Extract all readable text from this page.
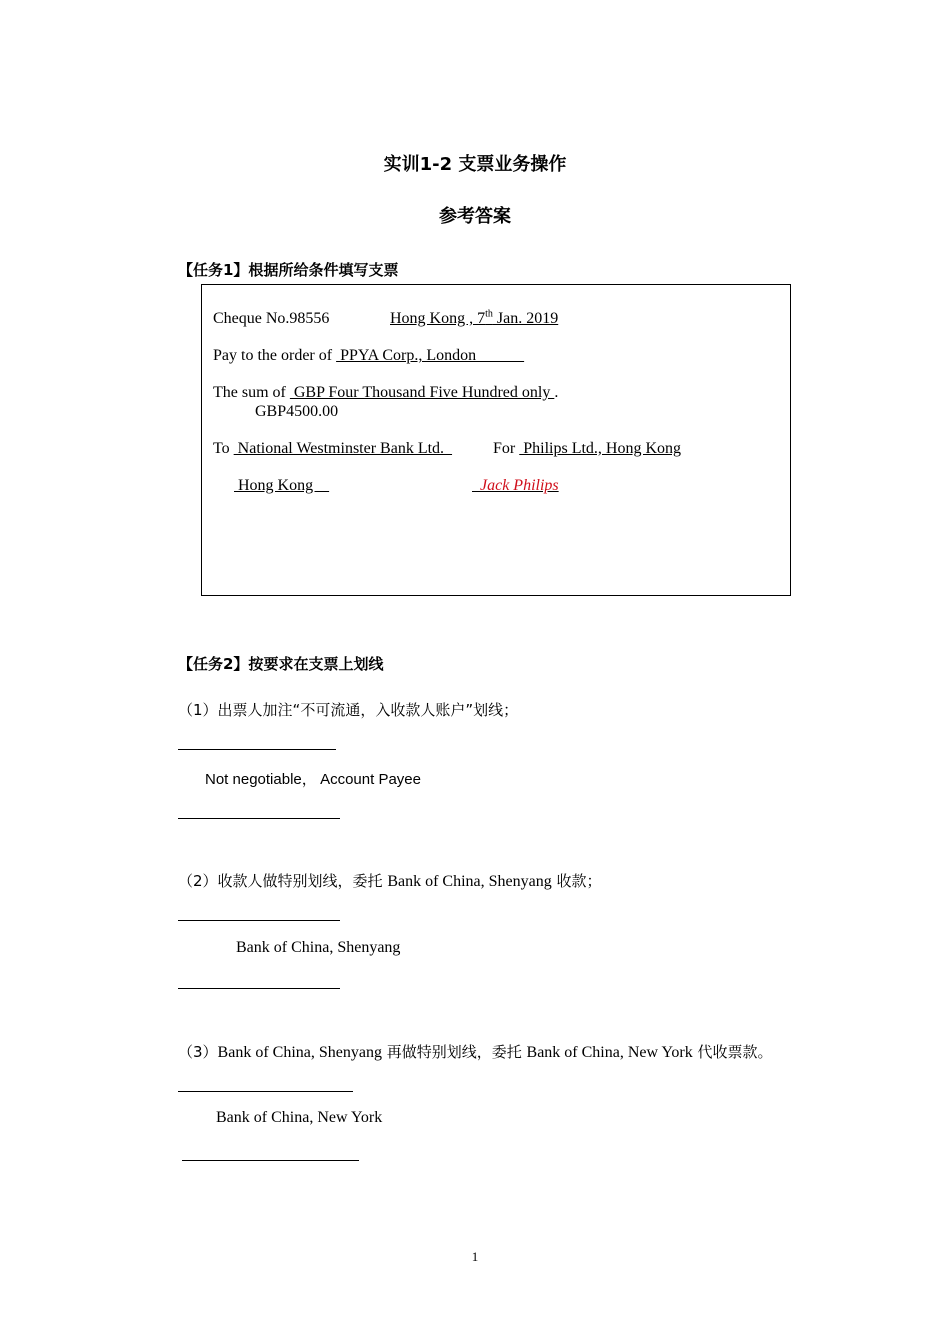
实训1-2 支票业务操作
参考答案
【任务1】根据所给条件填写支票
Cheque No.98556	Hong Kong , 7th Jan. 2019
Pay to the order of  PPYA Corp., London
The sum of  GBP Four Thousand Five Hundred only .
GBP4500.00
To  National Westminster Bank Ltd.	For  Philips Ltd., Hong Kong
Hong Kong	Jack Philips
【任务2】按要求在支票上划线
（1）出票人加注“不可流通，入收款人账户”划线；
Not negotiable， Account Payee
（2）收款人做特别划线，委托 Bank of China, Shenyang 收款；
Bank of China, Shenyang
（3）Bank of China, Shenyang 再做特别划线，委托 Bank of China, New York 代收票款。
Bank of China, New York
1
